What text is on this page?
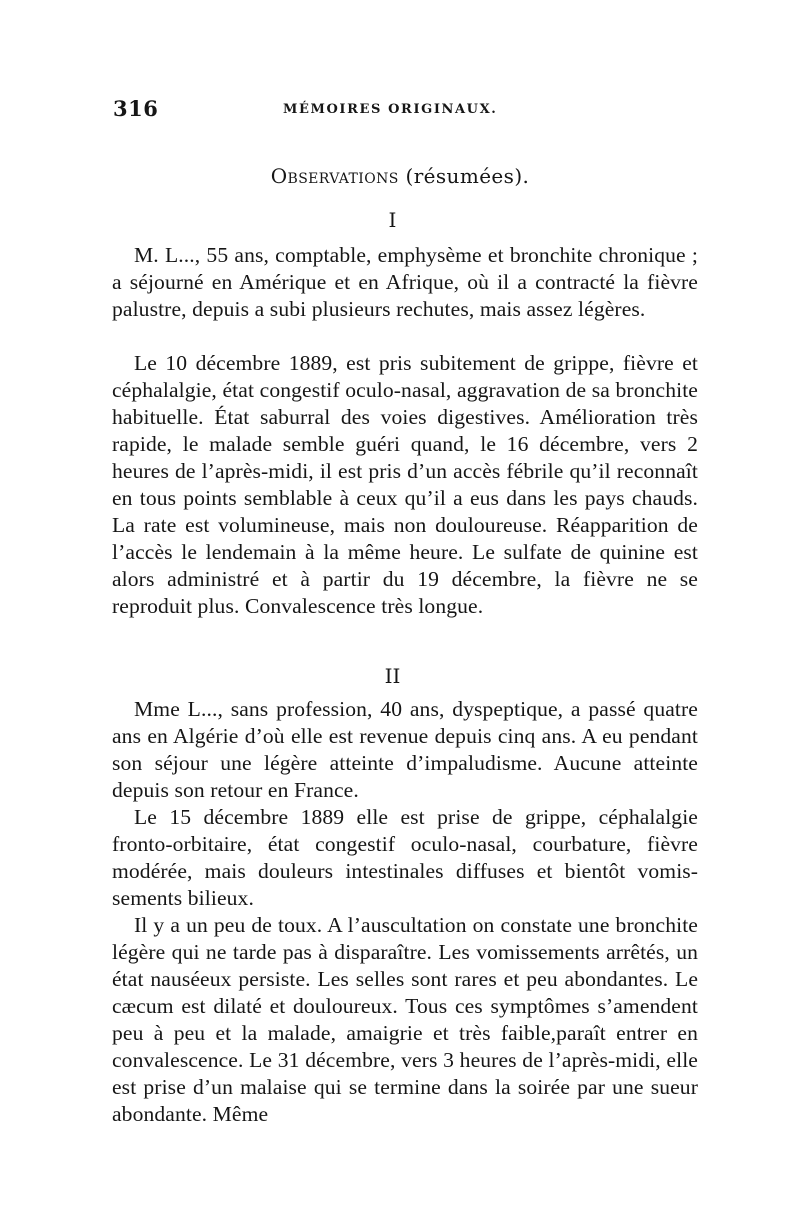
316	MÉMOIRES ORIGINAUX.
Observations (résumées).
I

M. L..., 55 ans, comptable, emphysème et bronchite chronique ; a séjourné en Amérique et en Afrique, où il a contracté la fièvre palustre, depuis a subi plusieurs rechutes, mais assez légères.

Le 10 décembre 1889, est pris subitement de grippe, fièvre et céphalalgie, état congestif oculo-nasal, aggravation de sa bronchite habituelle. État saburral des voies digestives. Amélioration très rapide, le malade semble guéri quand, le 16 décembre, vers 2 heures de l’après-midi, il est pris d’un accès fébrile qu’il reconnaît en tous points semblable à ceux qu’il a eus dans les pays chauds. La rate est volumineuse, mais non douloureuse. Réapparition de l’accès le lendemain à la même heure. Le sulfate de quinine est alors administré et à partir du 19 décembre, la fièvre ne se reproduit plus. Convalescence très longue.

II

Mme L..., sans profession, 40 ans, dyspeptique, a passé quatre ans en Algérie d’où elle est revenue depuis cinq ans. A eu pendant son séjour une légère atteinte d’impaludisme. Aucune atteinte depuis son retour en France.

Le 15 décembre 1889 elle est prise de grippe, céphalalgie fronto-orbitaire, état congestif oculo-nasal, courbature, fièvre modérée, mais douleurs intestinales diffuses et bientôt vomissements bilieux.

Il y a un peu de toux. A l’auscultation on constate une bronchite légère qui ne tarde pas à disparaître. Les vomissements arrêtés, un état nauséeux persiste. Les selles sont rares et peu abondantes. Le cæcum est dilaté et douloureux. Tous ces symptômes s’amendent peu à peu et la malade, amaigrie et très faible,paraît entrer en convalescence. Le 31 décembre, vers 3 heures de l’après-midi, elle est prise d’un malaise qui se termine dans la soirée par une sueur abondante. Même
